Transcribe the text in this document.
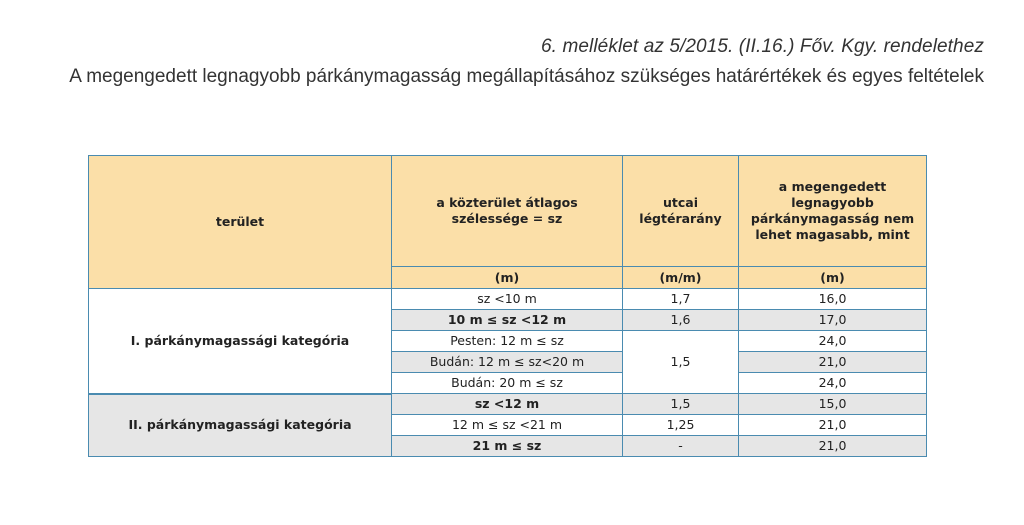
6. melléklet az 5/2015. (II.16.) Főv. Kgy. rendelethez
A megengedett legnagyobb párkánymagasság megállapításához szükséges határértékek és egyes feltételek
terület	a közterület átlagos szélessége = sz	utcai légtérarány	a megengedett legnagyobb párkánymagasság nem lehet magasabb, mint
	(m)	(m/m)	(m)
I. párkánymagassági kategória	sz <10 m	1,7	16,0
	10 m ≤ sz <12 m	1,6	17,0
	Pesten: 12 m ≤ sz	1,5	24,0
	Budán: 12 m ≤ sz<20 m		21,0
	Budán: 20 m ≤ sz		24,0
II. párkánymagassági kategória	sz <12 m	1,5	15,0
	12 m ≤ sz <21 m	1,25	21,0
	21 m ≤ sz	-	21,0
